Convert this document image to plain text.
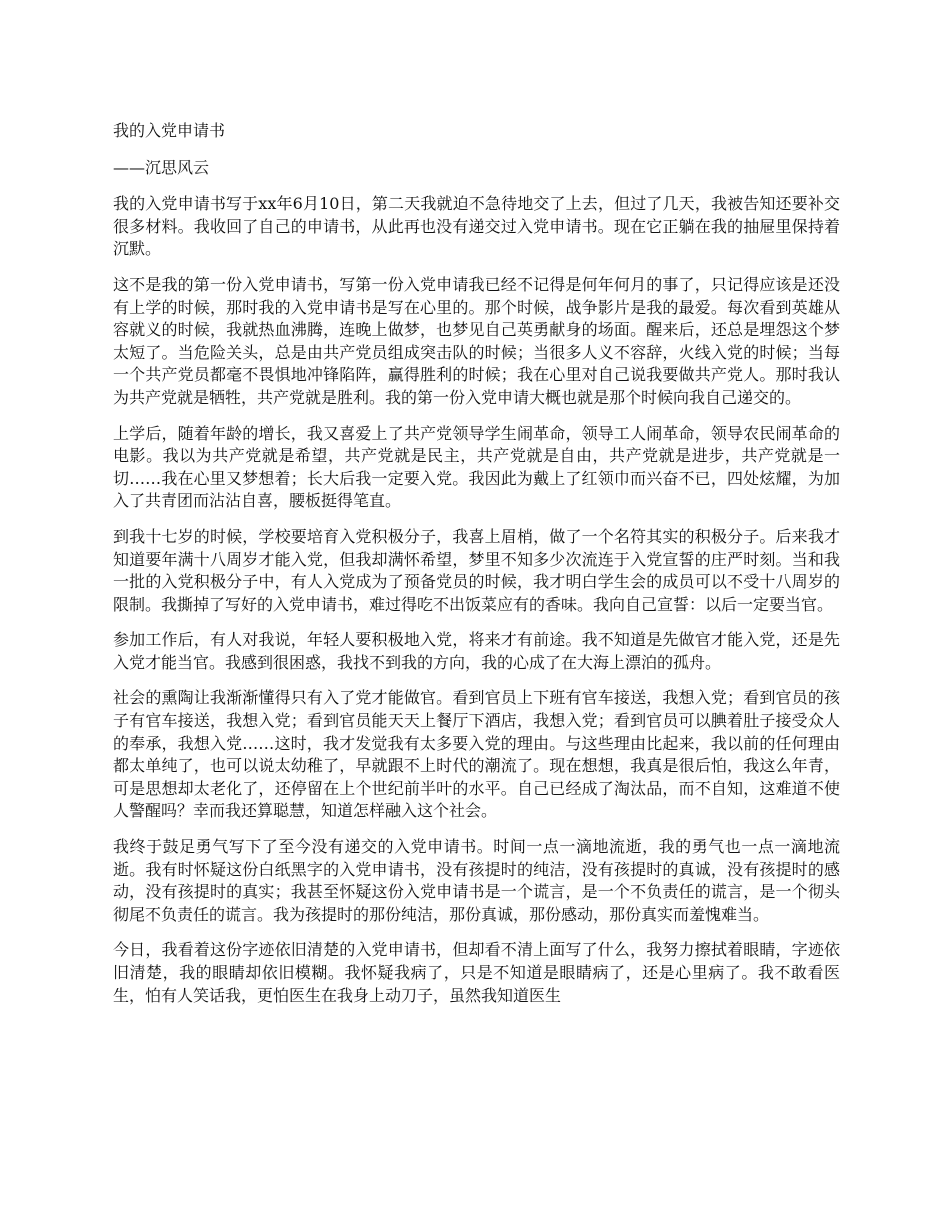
我的入党申请书

——沉思风云

我的入党申请书写于xx年6月10日，第二天我就迫不急待地交了上去，但过了几天，我被告知还要补交很多材料。我收回了自己的申请书，从此再也没有递交过入党申请书。现在它正躺在我的抽屉里保持着沉默。

这不是我的第一份入党申请书，写第一份入党申请我已经不记得是何年何月的事了，只记得应该是还没有上学的时候，那时我的入党申请书是写在心里的。那个时候，战争影片是我的最爱。每次看到英雄从容就义的时候，我就热血沸腾，连晚上做梦，也梦见自己英勇献身的场面。醒来后，还总是埋怨这个梦太短了。当危险关头，总是由共产党员组成突击队的时候；当很多人义不容辞，火线入党的时候；当每一个共产党员都毫不畏惧地冲锋陷阵，赢得胜利的时候；我在心里对自己说我要做共产党人。那时我认为共产党就是牺牲，共产党就是胜利。我的第一份入党申请大概也就是那个时候向我自己递交的。

上学后，随着年龄的增长，我又喜爱上了共产党领导学生闹革命，领导工人闹革命，领导农民闹革命的电影。我以为共产党就是希望，共产党就是民主，共产党就是自由，共产党就是进步，共产党就是一切……我在心里又梦想着；长大后我一定要入党。我因此为戴上了红领巾而兴奋不已，四处炫耀，为加入了共青团而沾沾自喜，腰板挺得笔直。

到我十七岁的时候，学校要培育入党积极分子，我喜上眉梢，做了一个名符其实的积极分子。后来我才知道要年满十八周岁才能入党，但我却满怀希望，梦里不知多少次流连于入党宣誓的庄严时刻。当和我一批的入党积极分子中，有人入党成为了预备党员的时候，我才明白学生会的成员可以不受十八周岁的限制。我撕掉了写好的入党申请书，难过得吃不出饭菜应有的香味。我向自己宣誓：以后一定要当官。

参加工作后，有人对我说，年轻人要积极地入党，将来才有前途。我不知道是先做官才能入党，还是先入党才能当官。我感到很困惑，我找不到我的方向，我的心成了在大海上漂泊的孤舟。

社会的熏陶让我渐渐懂得只有入了党才能做官。看到官员上下班有官车接送，我想入党；看到官员的孩子有官车接送，我想入党；看到官员能天天上餐厅下酒店，我想入党；看到官员可以腆着肚子接受众人的奉承，我想入党……这时，我才发觉我有太多要入党的理由。与这些理由比起来，我以前的任何理由都太单纯了，也可以说太幼稚了，早就跟不上时代的潮流了。现在想想，我真是很后怕，我这么年青，可是思想却太老化了，还停留在上个世纪前半叶的水平。自己已经成了淘汰品，而不自知，这难道不使人警醒吗？幸而我还算聪慧，知道怎样融入这个社会。

我终于鼓足勇气写下了至今没有递交的入党申请书。时间一点一滴地流逝，我的勇气也一点一滴地流逝。我有时怀疑这份白纸黑字的入党申请书，没有孩提时的纯洁，没有孩提时的真诚，没有孩提时的感动，没有孩提时的真实；我甚至怀疑这份入党申请书是一个谎言，是一个不负责任的谎言，是一个彻头彻尾不负责任的谎言。我为孩提时的那份纯洁，那份真诚，那份感动，那份真实而羞愧难当。

今日，我看着这份字迹依旧清楚的入党申请书，但却看不清上面写了什么，我努力擦拭着眼睛，字迹依旧清楚，我的眼睛却依旧模糊。我怀疑我病了，只是不知道是眼睛病了，还是心里病了。我不敢看医生，怕有人笑话我，更怕医生在我身上动刀子，虽然我知道医生
